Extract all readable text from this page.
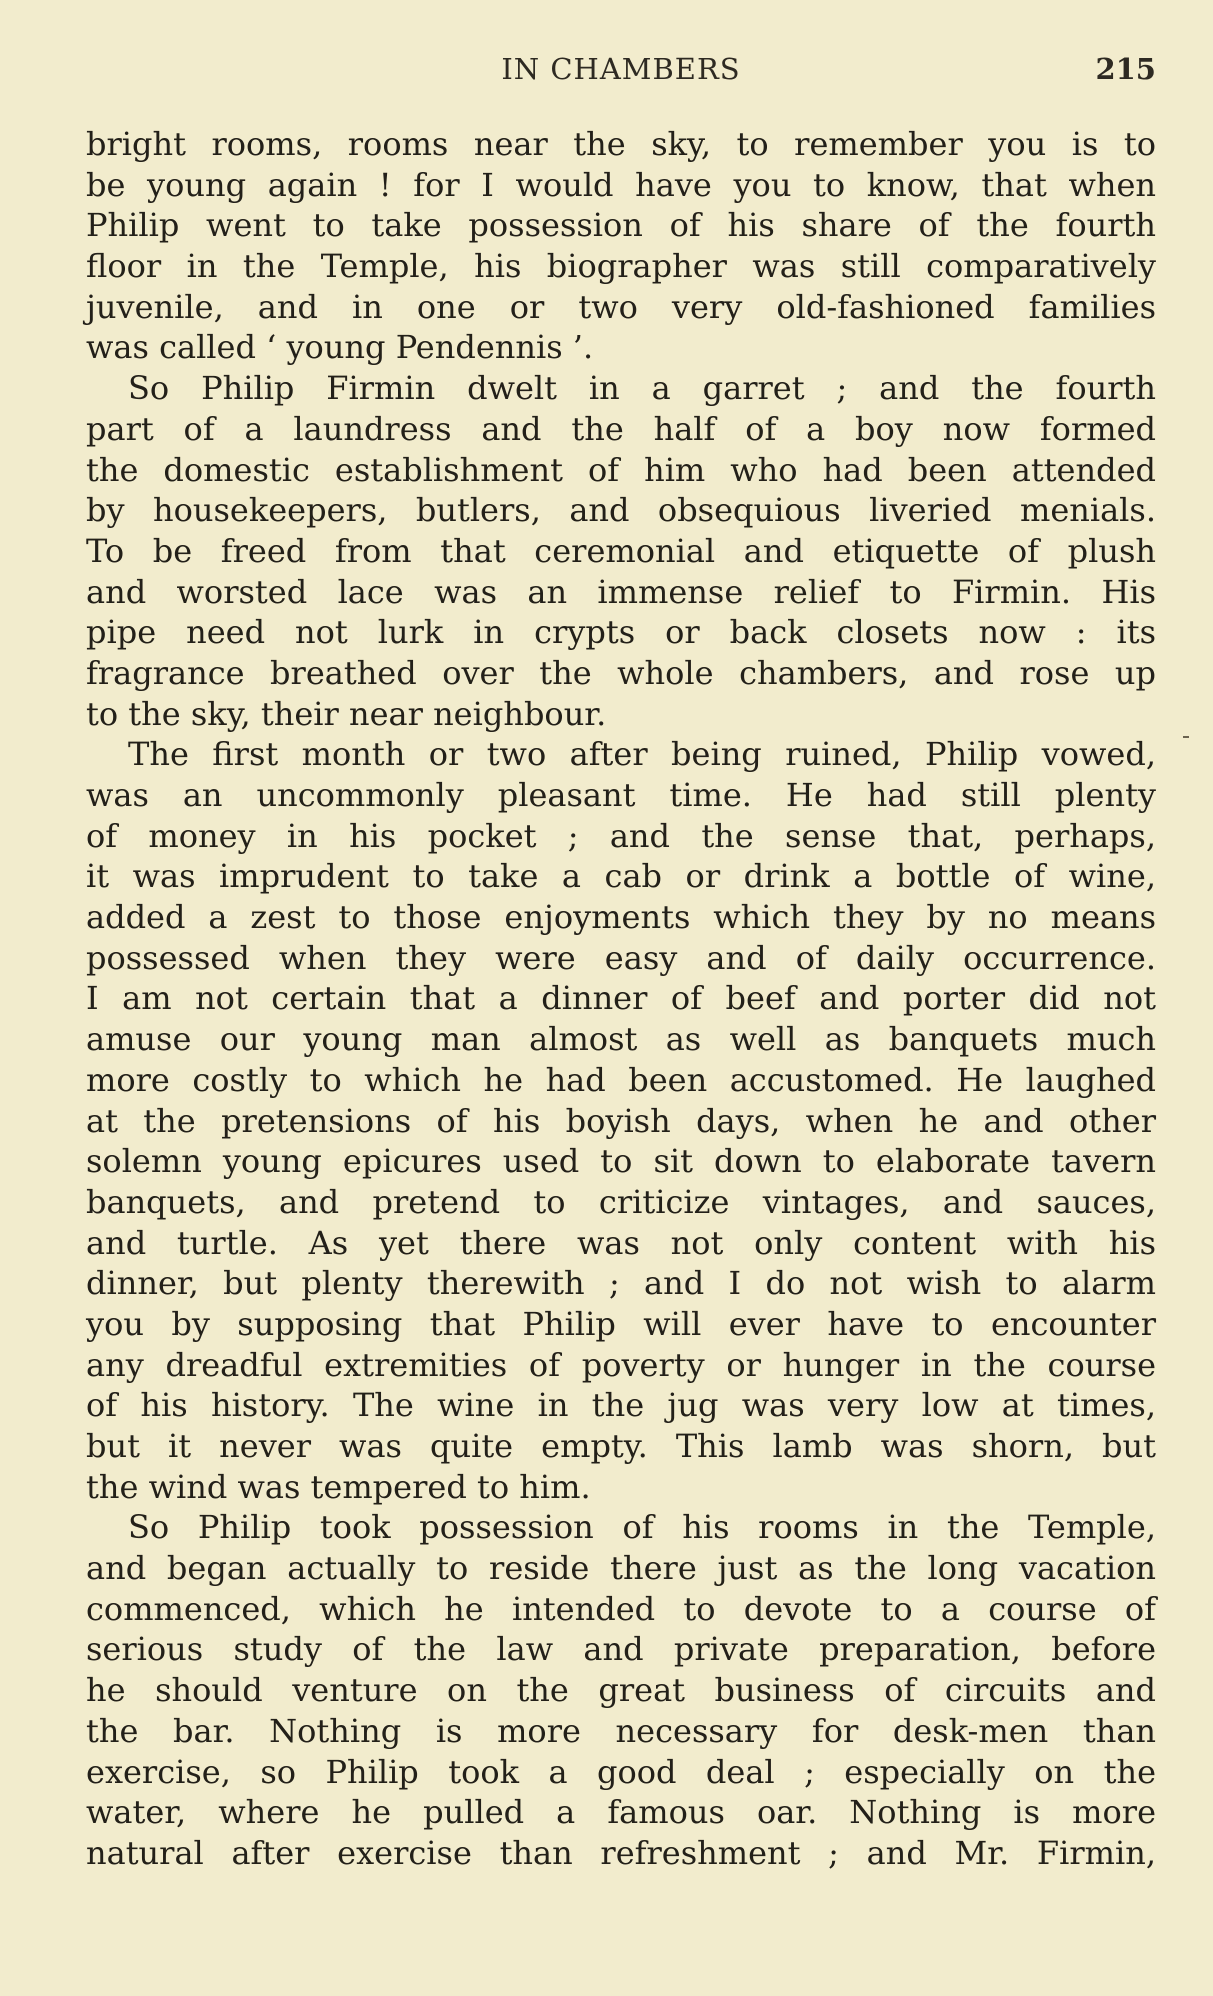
IN CHAMBERS	215
bright rooms, rooms near the sky, to remember you is to
be young again ! for I would have you to know, that when
Philip went to take possession of his share of the fourth
floor in the Temple, his biographer was still comparatively
juvenile, and in one or two very old-fashioned families
was called ‘ young Pendennis ’.
So Philip Firmin dwelt in a garret ; and the fourth
part of a laundress and the half of a boy now formed
the domestic establishment of him who had been attended
by housekeepers, butlers, and obsequious liveried menials.
To be freed from that ceremonial and etiquette of plush
and worsted lace was an immense relief to Firmin. His
pipe need not lurk in crypts or back closets now : its
fragrance breathed over the whole chambers, and rose up
to the sky, their near neighbour.
The first month or two after being ruined, Philip vowed,
was an uncommonly pleasant time. He had still plenty
of money in his pocket ; and the sense that, perhaps,
it was imprudent to take a cab or drink a bottle of wine,
added a zest to those enjoyments which they by no means
possessed when they were easy and of daily occurrence.
I am not certain that a dinner of beef and porter did not
amuse our young man almost as well as banquets much
more costly to which he had been accustomed. He laughed
at the pretensions of his boyish days, when he and other
solemn young epicures used to sit down to elaborate tavern
banquets, and pretend to criticize vintages, and sauces,
and turtle. As yet there was not only content with his
dinner, but plenty therewith ; and I do not wish to alarm
you by supposing that Philip will ever have to encounter
any dreadful extremities of poverty or hunger in the course
of his history. The wine in the jug was very low at times,
but it never was quite empty. This lamb was shorn, but
the wind was tempered to him.
So Philip took possession of his rooms in the Temple,
and began actually to reside there just as the long vacation
commenced, which he intended to devote to a course of
serious study of the law and private preparation, before
he should venture on the great business of circuits and
the bar. Nothing is more necessary for desk-men than
exercise, so Philip took a good deal ; especially on the
water, where he pulled a famous oar. Nothing is more
natural after exercise than refreshment ; and Mr. Firmin,
